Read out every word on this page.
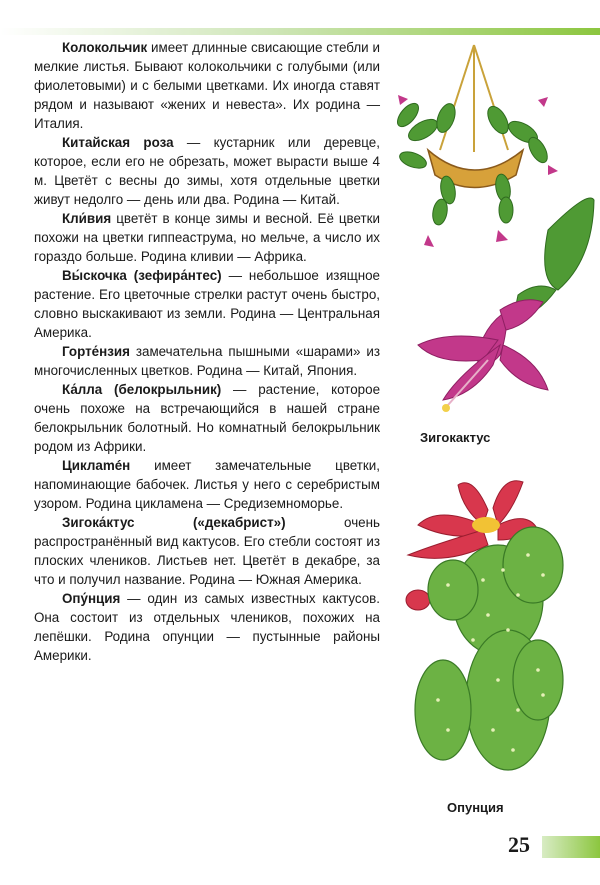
Колокольчик имеет длинные свисающие стебли и мелкие листья. Бывают колокольчики с голубыми (или фиолетовыми) и с белыми цветками. Их иногда ставят рядом и называют «жених и невеста». Их родина — Италия.

Китайская роза — кустарник или деревце, которое, если его не обрезать, может вырасти выше 4 м. Цветёт с весны до зимы, хотя отдельные цветки живут недолго — день или два. Родина — Китай.

Кли́вия цветёт в конце зимы и весной. Её цветки похожи на цветки гиппеаструма, но мельче, а число их гораздо больше. Родина кливии — Африка.

Вы́скочка (зефира́нтес) — небольшое изящное растение. Его цветочные стрелки растут очень быстро, словно выскакивают из земли. Родина — Центральная Америка.

Горте́нзия замечательна пышными «шарами» из многочисленных цветков. Родина — Китай, Япония.

Ка́лла (белокрыльник) — растение, которое очень похоже на встречающийся в нашей стране белокрыльник болотный. Но комнатный белокрыльник родом из Африки.

Циклaméн имеет замечательные цветки, напоминающие бабочек. Листья у него с серебристым узором. Родина цикламена — Средиземноморье.

Зигока́ктус («декабрист») очень распространённый вид кактусов. Его стебли состоят из плоских члеников. Листьев нет. Цветёт в декабре, за что и получил название. Родина — Южная Америка.

Опу́нция — один из самых известных кактусов. Она состоит из отдельных члеников, похожих на лепёшки. Родина опунции — пустынные районы Америки.

Зигокактус
Опунция
25
